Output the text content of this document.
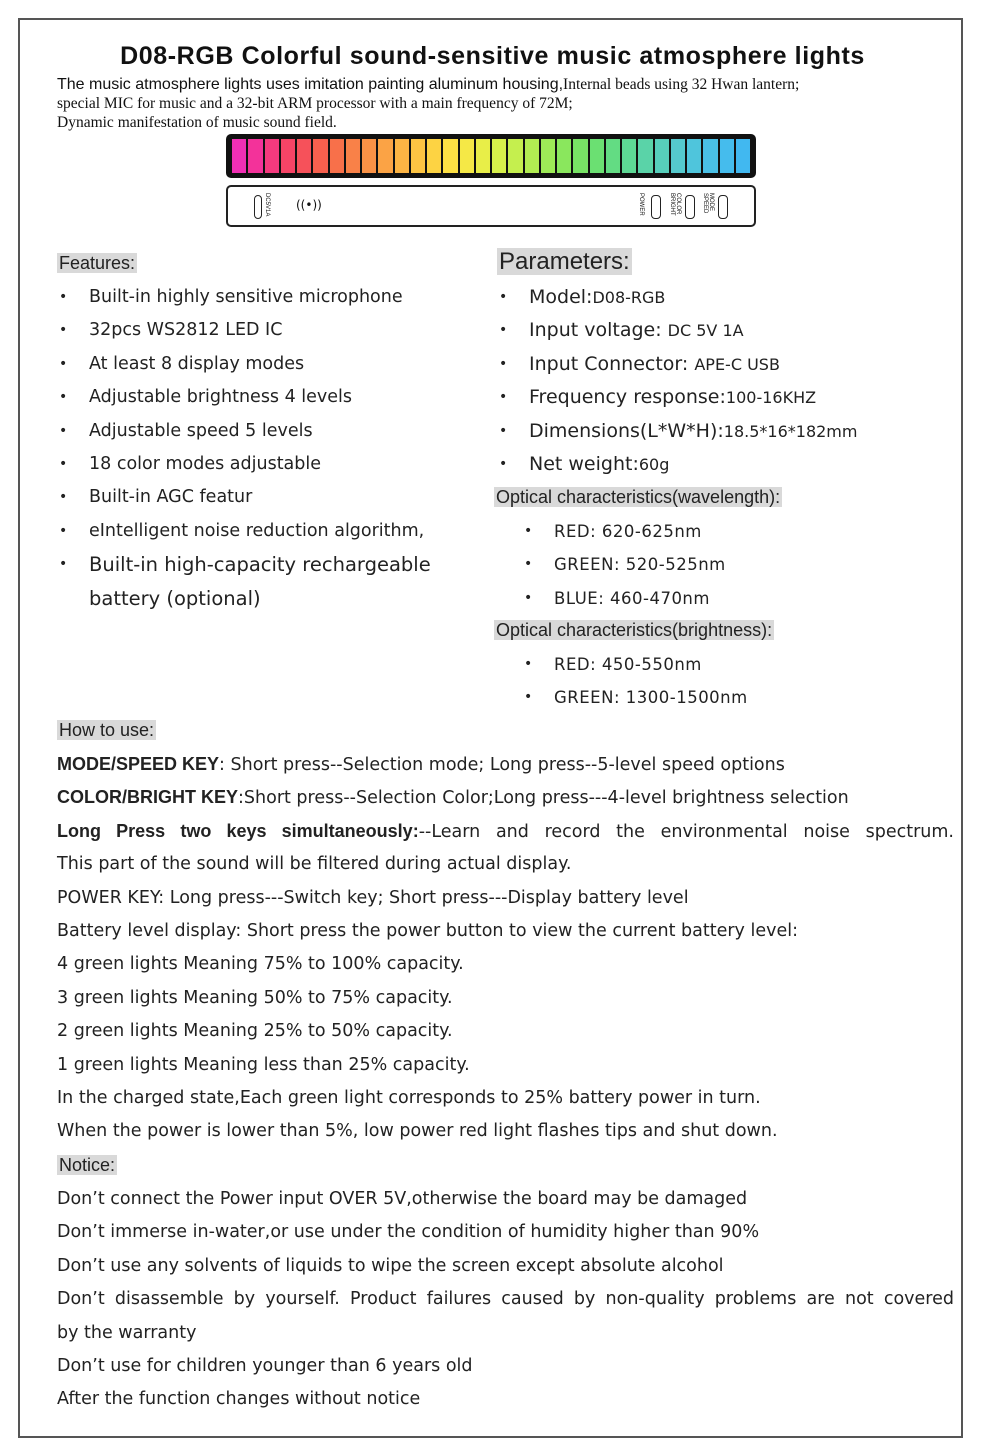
D08-RGB Colorful sound-sensitive music atmosphere lights
The music atmosphere lights uses imitation painting aluminum housing,Internal beads using 32 Hwan lantern;
special MIC for music and a 32-bit ARM processor with a main frequency of 72M;
Dynamic manifestation of music sound field.
DC5V1A ((•))	POWER	COLOR BRIGHT	MODE SPEED
Features:
• Built-in highly sensitive microphone
• 32pcs WS2812 LED IC
• At least 8 display modes
• Adjustable brightness 4 levels
• Adjustable speed 5 levels
• 18 color modes adjustable
• Built-in AGC featur
• eIntelligent noise reduction algorithm,
• Built-in high-capacity rechargeable battery (optional)
Parameters:
• Model:D08-RGB
• Input voltage: DC 5V 1A
• Input Connector: APE-C USB
• Frequency response:100-16KHZ
• Dimensions(L*W*H):18.5*16*182mm
• Net weight:60g
Optical characteristics(wavelength):
• RED: 620-625nm
• GREEN: 520-525nm
• BLUE: 460-470nm
Optical characteristics(brightness):
• RED: 450-550nm
• GREEN: 1300-1500nm
How to use:

MODE/SPEED KEY: Short press--Selection mode; Long press--5-level speed options

COLOR/BRIGHT KEY:Short press--Selection Color;Long press---4-level brightness selection

Long Press two keys simultaneously:--Learn and record the environmental noise spectrum.

This part of the sound will be filtered during actual display.

POWER KEY: Long press---Switch key; Short press---Display battery level

Battery level display: Short press the power button to view the current battery level:

4 green lights Meaning 75% to 100% capacity.

3 green lights Meaning 50% to 75% capacity.

2 green lights Meaning 25% to 50% capacity.

1 green lights Meaning less than 25% capacity.

In the charged state,Each green light corresponds to 25% battery power in turn.

When the power is lower than 5%, low power red light flashes tips and shut down.

Notice:

Don’t connect the Power input OVER 5V,otherwise the board may be damaged

Don’t immerse in-water,or use under the condition of humidity higher than 90%

Don’t use any solvents of liquids to wipe the screen except absolute alcohol

Don’t disassemble by yourself. Product failures caused by non-quality problems are not covered

by the warranty

Don’t use for children younger than 6 years old

After the function changes without notice
